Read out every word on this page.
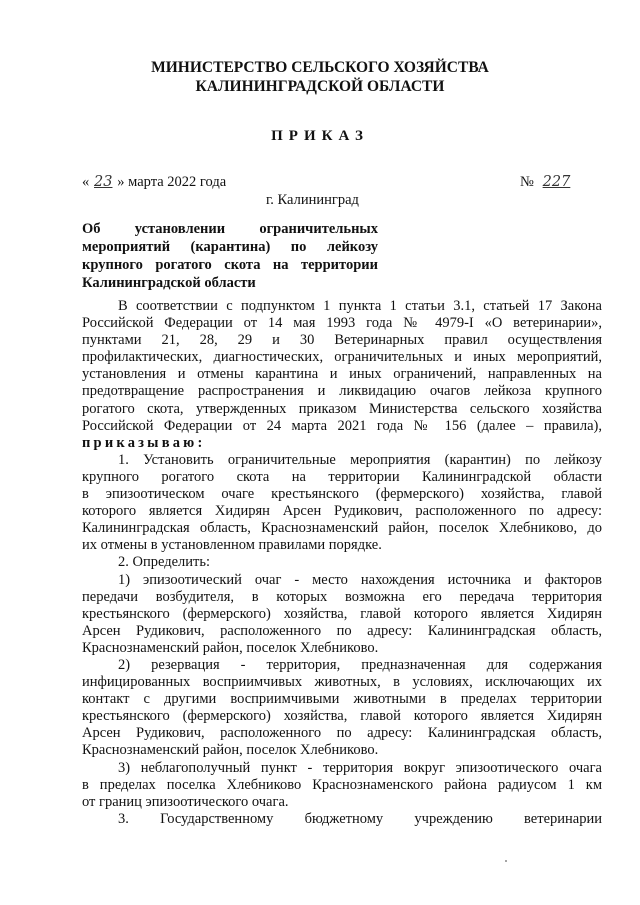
МИНИСТЕРСТВО СЕЛЬСКОГО ХОЗЯЙСТВА
КАЛИНИНГРАДСКОЙ ОБЛАСТИ
ПРИКАЗ
« 23 » марта 2022 года	№ 227
г. Калининград
Об установлении ограничительных
мероприятий (карантина) по лейкозу
крупного рогатого скота на территории
Калининградской области
В соответствии с подпунктом 1 пункта 1 статьи 3.1, статьей 17 Закона
Российской Федерации от 14 мая 1993 года № 4979-I «О ветеринарии»,
пунктами 21, 28, 29 и 30 Ветеринарных правил осуществления
профилактических, диагностических, ограничительных и иных мероприятий,
установления и отмены карантина и иных ограничений, направленных на
предотвращение распространения и ликвидацию очагов лейкоза крупного
рогатого скота, утвержденных приказом Министерства сельского хозяйства
Российской Федерации от 24 марта 2021 года № 156 (далее – правила),
приказываю:
1. Установить ограничительные мероприятия (карантин) по лейкозу
крупного рогатого скота на территории Калининградской области
в эпизоотическом очаге крестьянского (фермерского) хозяйства, главой
которого является Хидирян Арсен Рудикович, расположенного по адресу:
Калининградская область, Краснознаменский район, поселок Хлебниково, до
их отмены в установленном правилами порядке.
2. Определить:
1) эпизоотический очаг - место нахождения источника и факторов
передачи возбудителя, в которых возможна его передача территория
крестьянского (фермерского) хозяйства, главой которого является Хидирян
Арсен Рудикович, расположенного по адресу: Калининградская область,
Краснознаменский район, поселок Хлебниково.
2) резервация - территория, предназначенная для содержания
инфицированных восприимчивых животных, в условиях, исключающих их
контакт с другими восприимчивыми животными в пределах территории
крестьянского (фермерского) хозяйства, главой которого является Хидирян
Арсен Рудикович, расположенного по адресу: Калининградская область,
Краснознаменский район, поселок Хлебниково.
3) неблагополучный пункт - территория вокруг эпизоотического очага
в пределах поселка Хлебниково Краснознаменского района радиусом 1 км
от границ эпизоотического очага.
3. Государственному бюджетному учреждению ветеринарии
